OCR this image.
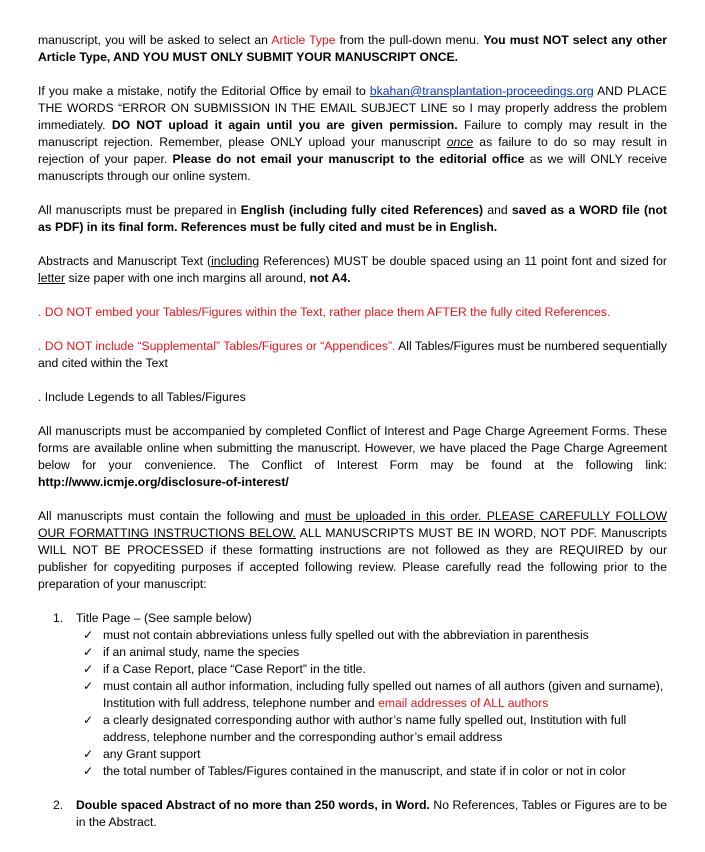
manuscript, you will be asked to select an Article Type from the pull-down menu. You must NOT select any other Article Type, AND YOU MUST ONLY SUBMIT YOUR MANUSCRIPT ONCE.

If you make a mistake, notify the Editorial Office by email to bkahan@transplantation-proceedings.org AND PLACE THE WORDS “ERROR ON SUBMISSION IN THE EMAIL SUBJECT LINE so I may properly address the problem immediately. DO NOT upload it again until you are given permission. Failure to comply may result in the manuscript rejection. Remember, please ONLY upload your manuscript once as failure to do so may result in rejection of your paper. Please do not email your manuscript to the editorial office as we will ONLY receive manuscripts through our online system.

All manuscripts must be prepared in English (including fully cited References) and saved as a WORD file (not as PDF) in its final form. References must be fully cited and must be in English.

Abstracts and Manuscript Text (including References) MUST be double spaced using an 11 point font and sized for letter size paper with one inch margins all around, not A4.

. DO NOT embed your Tables/Figures within the Text, rather place them AFTER the fully cited References.

. DO NOT include “Supplemental” Tables/Figures or “Appendices”. All Tables/Figures must be numbered sequentially and cited within the Text

. Include Legends to all Tables/Figures

All manuscripts must be accompanied by completed Conflict of Interest and Page Charge Agreement Forms. These forms are available online when submitting the manuscript. However, we have placed the Page Charge Agreement below for your convenience. The Conflict of Interest Form may be found at the following link: http://www.icmje.org/disclosure-of-interest/

All manuscripts must contain the following and must be uploaded in this order. PLEASE CAREFULLY FOLLOW OUR FORMATTING INSTRUCTIONS BELOW. ALL MANUSCRIPTS MUST BE IN WORD, NOT PDF. Manuscripts WILL NOT BE PROCESSED if these formatting instructions are not followed as they are REQUIRED by our publisher for copyediting purposes if accepted following review. Please carefully read the following prior to the preparation of your manuscript:

1. Title Page – (See sample below)
✓ must not contain abbreviations unless fully spelled out with the abbreviation in parenthesis
✓ if an animal study, name the species
✓ if a Case Report, place “Case Report” in the title.
✓ must contain all author information, including fully spelled out names of all authors (given and surname), Institution with full address, telephone number and email addresses of ALL authors
✓ a clearly designated corresponding author with author’s name fully spelled out, Institution with full address, telephone number and the corresponding author’s email address
✓ any Grant support
✓ the total number of Tables/Figures contained in the manuscript, and state if in color or not in color
2. Double spaced Abstract of no more than 250 words, in Word. No References, Tables or Figures are to be in the Abstract.
